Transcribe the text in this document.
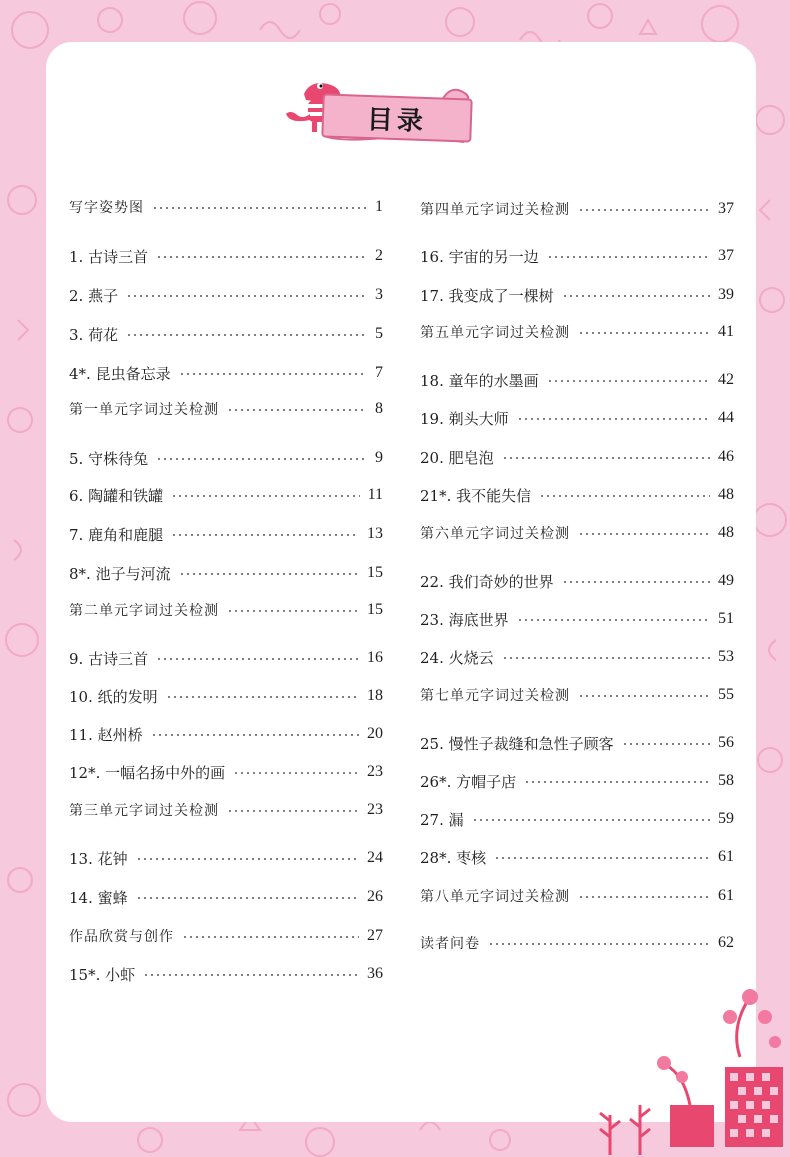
目录
写字姿势图	1
1. 古诗三首	2
2. 燕子	3
3. 荷花	5
4*. 昆虫备忘录	7
第一单元字词过关检测	8
5. 守株待兔	9
6. 陶罐和铁罐	11
7. 鹿角和鹿腿	13
8*. 池子与河流	15
第二单元字词过关检测	15
9. 古诗三首	16
10. 纸的发明	18
11. 赵州桥	20
12*. 一幅名扬中外的画	23
第三单元字词过关检测	23
13. 花钟	24
14. 蜜蜂	26
作品欣赏与创作	27
15*. 小虾	36
第四单元字词过关检测	37
16. 宇宙的另一边	37
17. 我变成了一棵树	39
第五单元字词过关检测	41
18. 童年的水墨画	42
19. 剃头大师	44
20. 肥皂泡	46
21*. 我不能失信	48
第六单元字词过关检测	48
22. 我们奇妙的世界	49
23. 海底世界	51
24. 火烧云	53
第七单元字词过关检测	55
25. 慢性子裁缝和急性子顾客	56
26*. 方帽子店	58
27. 漏	59
28*. 枣核	61
第八单元字词过关检测	61
读者问卷	62
